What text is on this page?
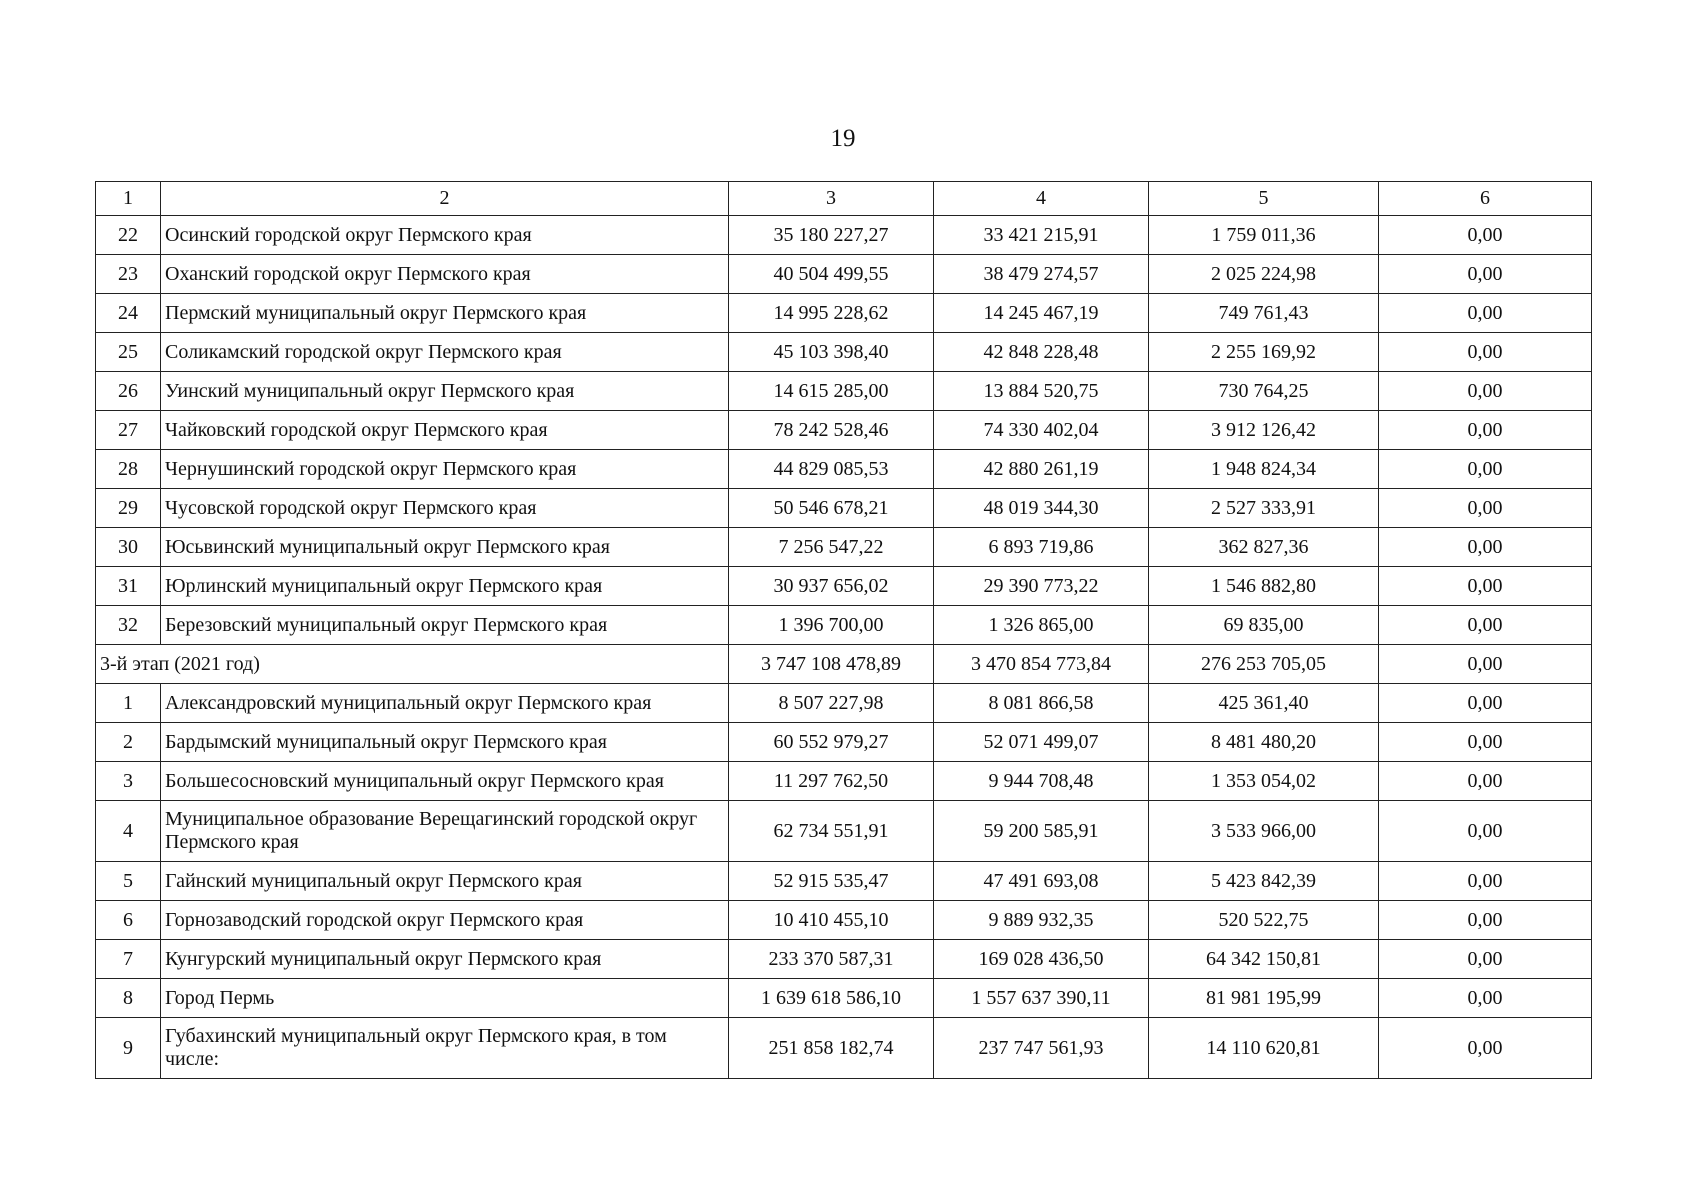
19
1	2	3	4	5	6
22	Осинский городской округ Пермского края	35 180 227,27	33 421 215,91	1 759 011,36	0,00
23	Оханский городской округ Пермского края	40 504 499,55	38 479 274,57	2 025 224,98	0,00
24	Пермский муниципальный округ Пермского края	14 995 228,62	14 245 467,19	749 761,43	0,00
25	Соликамский городской округ Пермского края	45 103 398,40	42 848 228,48	2 255 169,92	0,00
26	Уинский муниципальный округ Пермского края	14 615 285,00	13 884 520,75	730 764,25	0,00
27	Чайковский городской округ Пермского края	78 242 528,46	74 330 402,04	3 912 126,42	0,00
28	Чернушинский городской округ Пермского края	44 829 085,53	42 880 261,19	1 948 824,34	0,00
29	Чусовской городской округ Пермского края	50 546 678,21	48 019 344,30	2 527 333,91	0,00
30	Юсьвинский муниципальный округ Пермского края	7 256 547,22	6 893 719,86	362 827,36	0,00
31	Юрлинский муниципальный округ Пермского края	30 937 656,02	29 390 773,22	1 546 882,80	0,00
32	Березовский муниципальный округ Пермского края	1 396 700,00	1 326 865,00	69 835,00	0,00
3-й этап (2021 год)		3 747 108 478,89	3 470 854 773,84	276 253 705,05	0,00
1	Александровский муниципальный округ Пермского края	8 507 227,98	8 081 866,58	425 361,40	0,00
2	Бардымский муниципальный округ Пермского края	60 552 979,27	52 071 499,07	8 481 480,20	0,00
3	Большесосновский муниципальный округ Пермского края	11 297 762,50	9 944 708,48	1 353 054,02	0,00
4	Муниципальное образование Верещагинский городской округ Пермского края	62 734 551,91	59 200 585,91	3 533 966,00	0,00
5	Гайнский муниципальный округ Пермского края	52 915 535,47	47 491 693,08	5 423 842,39	0,00
6	Горнозаводский городской округ Пермского края	10 410 455,10	9 889 932,35	520 522,75	0,00
7	Кунгурский муниципальный округ Пермского края	233 370 587,31	169 028 436,50	64 342 150,81	0,00
8	Город Пермь	1 639 618 586,10	1 557 637 390,11	81 981 195,99	0,00
9	Губахинский муниципальный округ Пермского края, в том числе:	251 858 182,74	237 747 561,93	14 110 620,81	0,00
